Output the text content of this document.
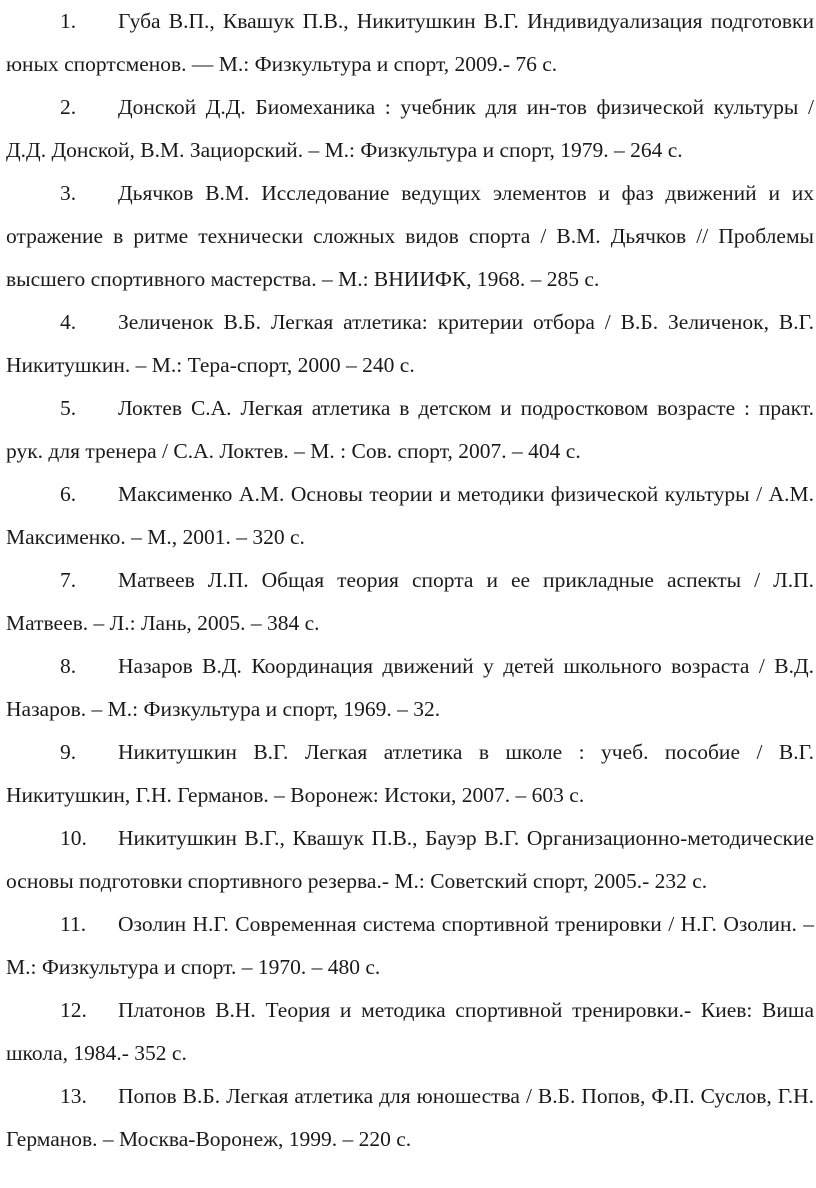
1. Губа В.П., Квашук П.В., Никитушкин В.Г. Индивидуализация подготовки юных спортсменов. — М.: Физкультура и спорт, 2009.- 76 с.
2. Донской Д.Д. Биомеханика : учебник для ин-тов физической культуры / Д.Д. Донской, В.М. Зациорский. – М.: Физкультура и спорт, 1979. – 264 с.
3. Дьячков В.М. Исследование ведущих элементов и фаз движений и их отражение в ритме технически сложных видов спорта / В.М. Дьячков // Проблемы высшего спортивного мастерства. – М.: ВНИИФК, 1968. – 285 с.
4. Зеличенок В.Б. Легкая атлетика: критерии отбора / В.Б. Зеличенок, В.Г. Никитушкин. – М.: Тера-спорт, 2000 – 240 с.
5. Локтев С.А. Легкая атлетика в детском и подростковом возрасте : практ. рук. для тренера / С.А. Локтев. – М. : Сов. спорт, 2007. – 404 с.
6. Максименко А.М. Основы теории и методики физической культуры / А.М. Максименко. – М., 2001. – 320 с.
7. Матвеев Л.П. Общая теория спорта и ее прикладные аспекты / Л.П. Матвеев. – Л.: Лань, 2005. – 384 с.
8. Назаров В.Д. Координация движений у детей школьного возраста / В.Д. Назаров. – М.: Физкультура и спорт, 1969. – 32.
9. Никитушкин В.Г. Легкая атлетика в школе : учеб. пособие / В.Г. Никитушкин, Г.Н. Германов. – Воронеж: Истоки, 2007. – 603 с.
10. Никитушкин В.Г., Квашук П.В., Бауэр В.Г. Организационно-методические основы подготовки спортивного резерва.- М.: Советский спорт, 2005.- 232 с.
11. Озолин Н.Г. Современная система спортивной тренировки / Н.Г. Озолин. – М.: Физкультура и спорт. – 1970. – 480 с.
12. Платонов В.Н. Теория и методика спортивной тренировки.- Киев: Виша школа, 1984.- 352 с.
13. Попов В.Б. Легкая атлетика для юношества / В.Б. Попов, Ф.П. Суслов, Г.Н. Германов. – Москва-Воронеж, 1999. – 220 с.
